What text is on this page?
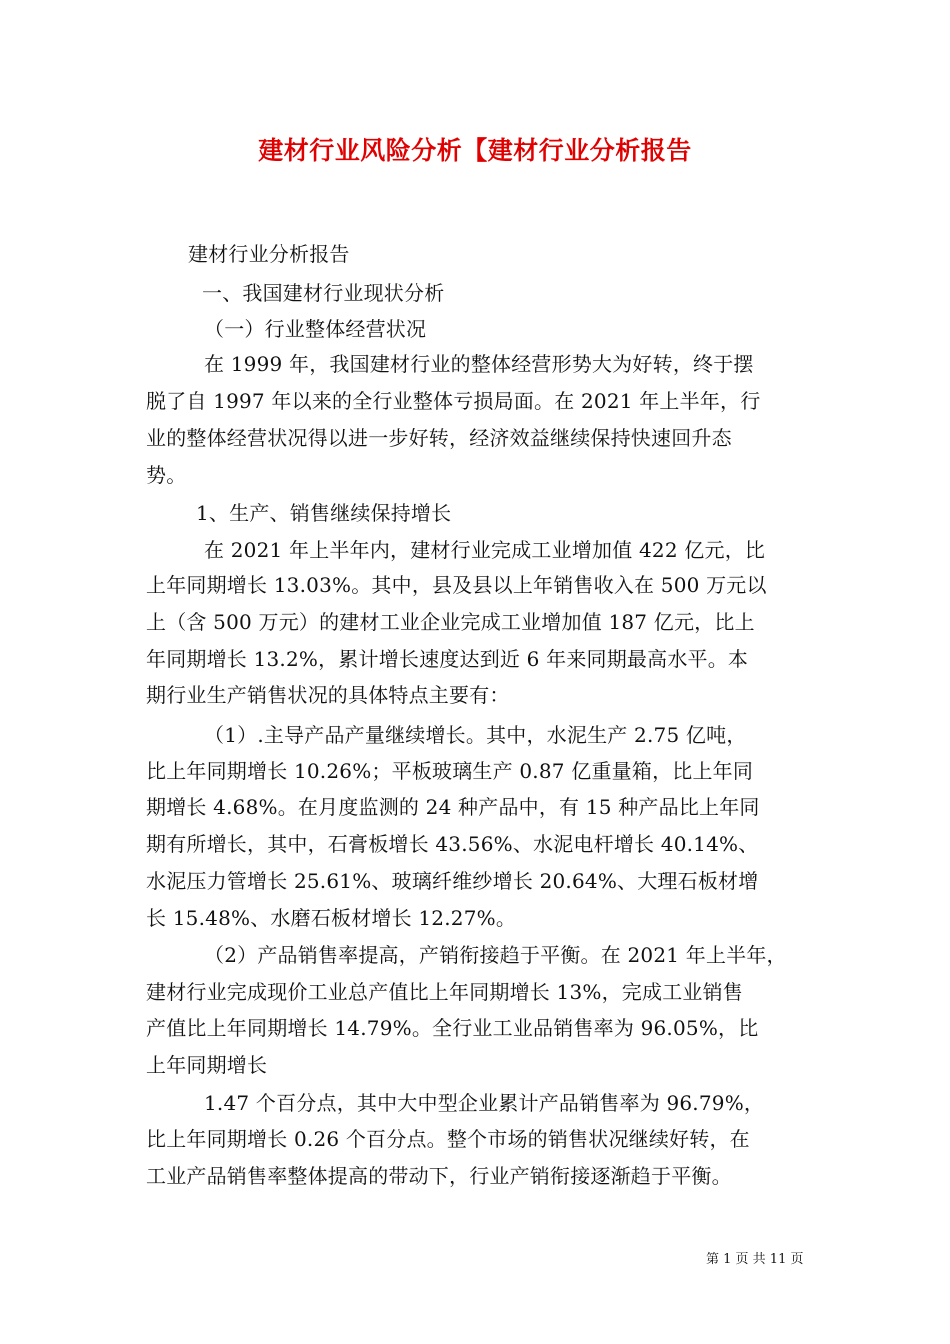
建材行业风险分析【建材行业分析报告
建材行业分析报告
一、我国建材行业现状分析
（一）行业整体经营状况
在 1999 年，我国建材行业的整体经营形势大为好转，终于摆
脱了自 1997 年以来的全行业整体亏损局面。在 2021 年上半年，行
业的整体经营状况得以进一步好转，经济效益继续保持快速回升态
势。
1、生产、销售继续保持增长
在 2021 年上半年内，建材行业完成工业增加值 422 亿元，比
上年同期增长 13.03%。其中，县及县以上年销售收入在 500 万元以
上（含 500 万元）的建材工业企业完成工业增加值 187 亿元，比上
年同期增长 13.2%，累计增长速度达到近 6 年来同期最高水平。本
期行业生产销售状况的具体特点主要有：
（1）.主导产品产量继续增长。其中，水泥生产 2.75 亿吨，
比上年同期增长 10.26%；平板玻璃生产 0.87 亿重量箱，比上年同
期增长 4.68%。在月度监测的 24 种产品中，有 15 种产品比上年同
期有所增长，其中，石膏板增长 43.56%、水泥电杆增长 40.14%、
水泥压力管增长 25.61%、玻璃纤维纱增长 20.64%、大理石板材增
长 15.48%、水磨石板材增长 12.27%。
（2）产品销售率提高，产销衔接趋于平衡。在 2021 年上半年，
建材行业完成现价工业总产值比上年同期增长 13%，完成工业销售
产值比上年同期增长 14.79%。全行业工业品销售率为 96.05%，比
上年同期增长
1.47 个百分点，其中大中型企业累计产品销售率为 96.79%，
比上年同期增长 0.26 个百分点。整个市场的销售状况继续好转，在
工业产品销售率整体提高的带动下，行业产销衔接逐渐趋于平衡。
第 1 页 共 11 页
